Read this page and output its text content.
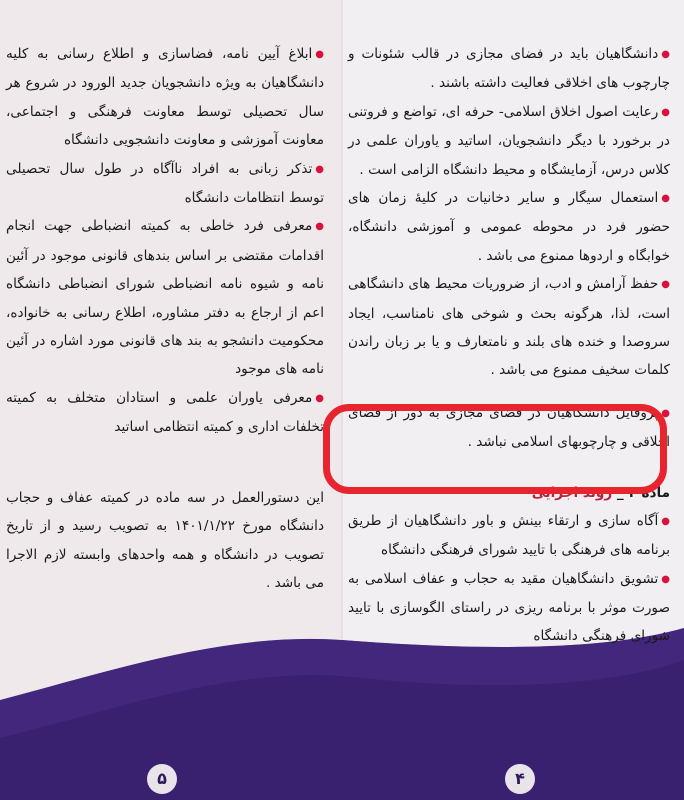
●دانشگاهیان باید در فضای مجازی در قالب شئونات و چارچوب های اخلاقی فعالیت داشته باشند .

●رعایت اصول اخلاق اسلامی- حرفه ای، تواضع و فروتنی در برخورد با دیگر دانشجویان، اساتید و یاوران علمی در کلاس درس، آزمایشگاه و محیط دانشگاه الزامی است .

●استعمال سیگار و سایر دخانیات در کلیهٔ زمان های حضور فرد در محوطه عمومی و آموزشی دانشگاه، خوابگاه و اردوها ممنوع می باشد .

●حفظ آرامش و ادب، از ضروریات محیط های دانشگاهی است، لذا، هرگونه بحث و شوخی های نامناسب، ایجاد سروصدا و خنده های بلند و نامتعارف و یا بر زبان راندن کلمات سخیف ممنوع می باشد .

●پروفایل دانشگاهیان در فضای مجازی به دور از فضای اخلاقی و چارچوبهای اسلامی نباشد .

ماده ۳ _ روند اجرایی

●آگاه سازی و ارتقاء بینش و باور دانشگاهیان از طریق برنامه های فرهنگی با تایید شورای فرهنگی دانشگاه

●تشویق دانشگاهیان مقید به حجاب و عفاف اسلامی به صورت موثر با برنامه ریزی در راستای الگوسازی با تایید شورای فرهنگی دانشگاه

●ابلاغ آیین نامه، فضاسازی و اطلاع رسانی به کلیه دانشگاهیان به ویژه دانشجویان جدید الورود در شروع هر سال تحصیلی توسط معاونت فرهنگی و اجتماعی، معاونت آموزشی و معاونت دانشجویی دانشگاه

●تذکر زبانی به افراد ناآگاه در طول سال تحصیلی توسط انتظامات دانشگاه

●معرفی فرد خاطی به کمیته انضباطی جهت انجام اقدامات مقتضی بر اساس بندهای قانونی موجود در آئین نامه و شیوه نامه انضباطی شورای انضباطی دانشگاه اعم از ارجاع به دفتر مشاوره، اطلاع رسانی به خانواده، محکومیت دانشجو به بند های قانونی مورد اشاره در آئین نامه های موجود

●معرفی یاوران علمی و استادان متخلف به کمیته تخلفات اداری و کمیته انتظامی اساتید

این دستورالعمل در سه ماده در کمیته عفاف و حجاب دانشگاه مورخ ۱۴۰۱/۱/۲۲ به تصویب رسید و از تاریخ تصویب در دانشگاه و همه واحدهای وابسته لازم الاجرا می باشد .

۵	۴
